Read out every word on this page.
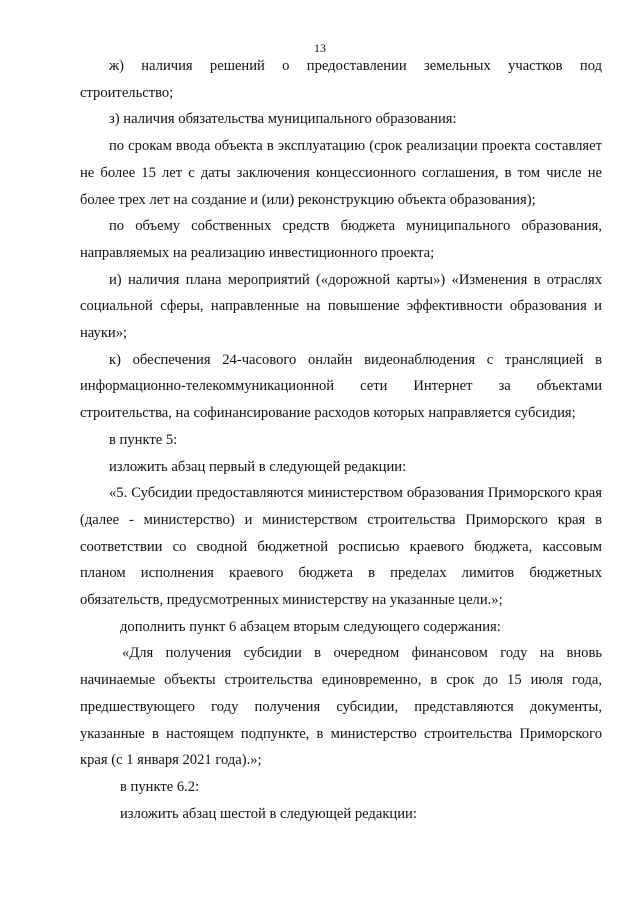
13

ж) наличия решений о предоставлении земельных участков под строительство;

з) наличия обязательства муниципального образования:

по срокам ввода объекта в эксплуатацию (срок реализации проекта составляет не более 15 лет с даты заключения концессионного соглашения, в том числе не более трех лет на создание и (или) реконструкцию объекта образования);

по объему собственных средств бюджета муниципального образования, направляемых на реализацию инвестиционного проекта;

и) наличия плана мероприятий («дорожной карты») «Изменения в отраслях социальной сферы, направленные на повышение эффективности образования и науки»;

к) обеспечения 24-часового онлайн видеонаблюдения с трансляцией в информационно-телекоммуникационной сети Интернет за объектами строительства, на софинансирование расходов которых направляется субсидия;

в пункте 5:

изложить абзац первый в следующей редакции:

«5. Субсидии предоставляются министерством образования Приморского края (далее - министерство) и министерством строительства Приморского края в соответствии со сводной бюджетной росписью краевого бюджета, кассовым планом исполнения краевого бюджета в пределах лимитов бюджетных обязательств, предусмотренных министерству на указанные цели.»;

дополнить пункт 6 абзацем вторым следующего содержания:

«Для получения субсидии в очередном финансовом году на вновь начинаемые объекты строительства единовременно, в срок до 15 июля года, предшествующего году получения субсидии, представляются документы, указанные в настоящем подпункте, в министерство строительства Приморского края (с 1 января 2021 года).»;

в пункте 6.2:

изложить абзац шестой в следующей редакции:
